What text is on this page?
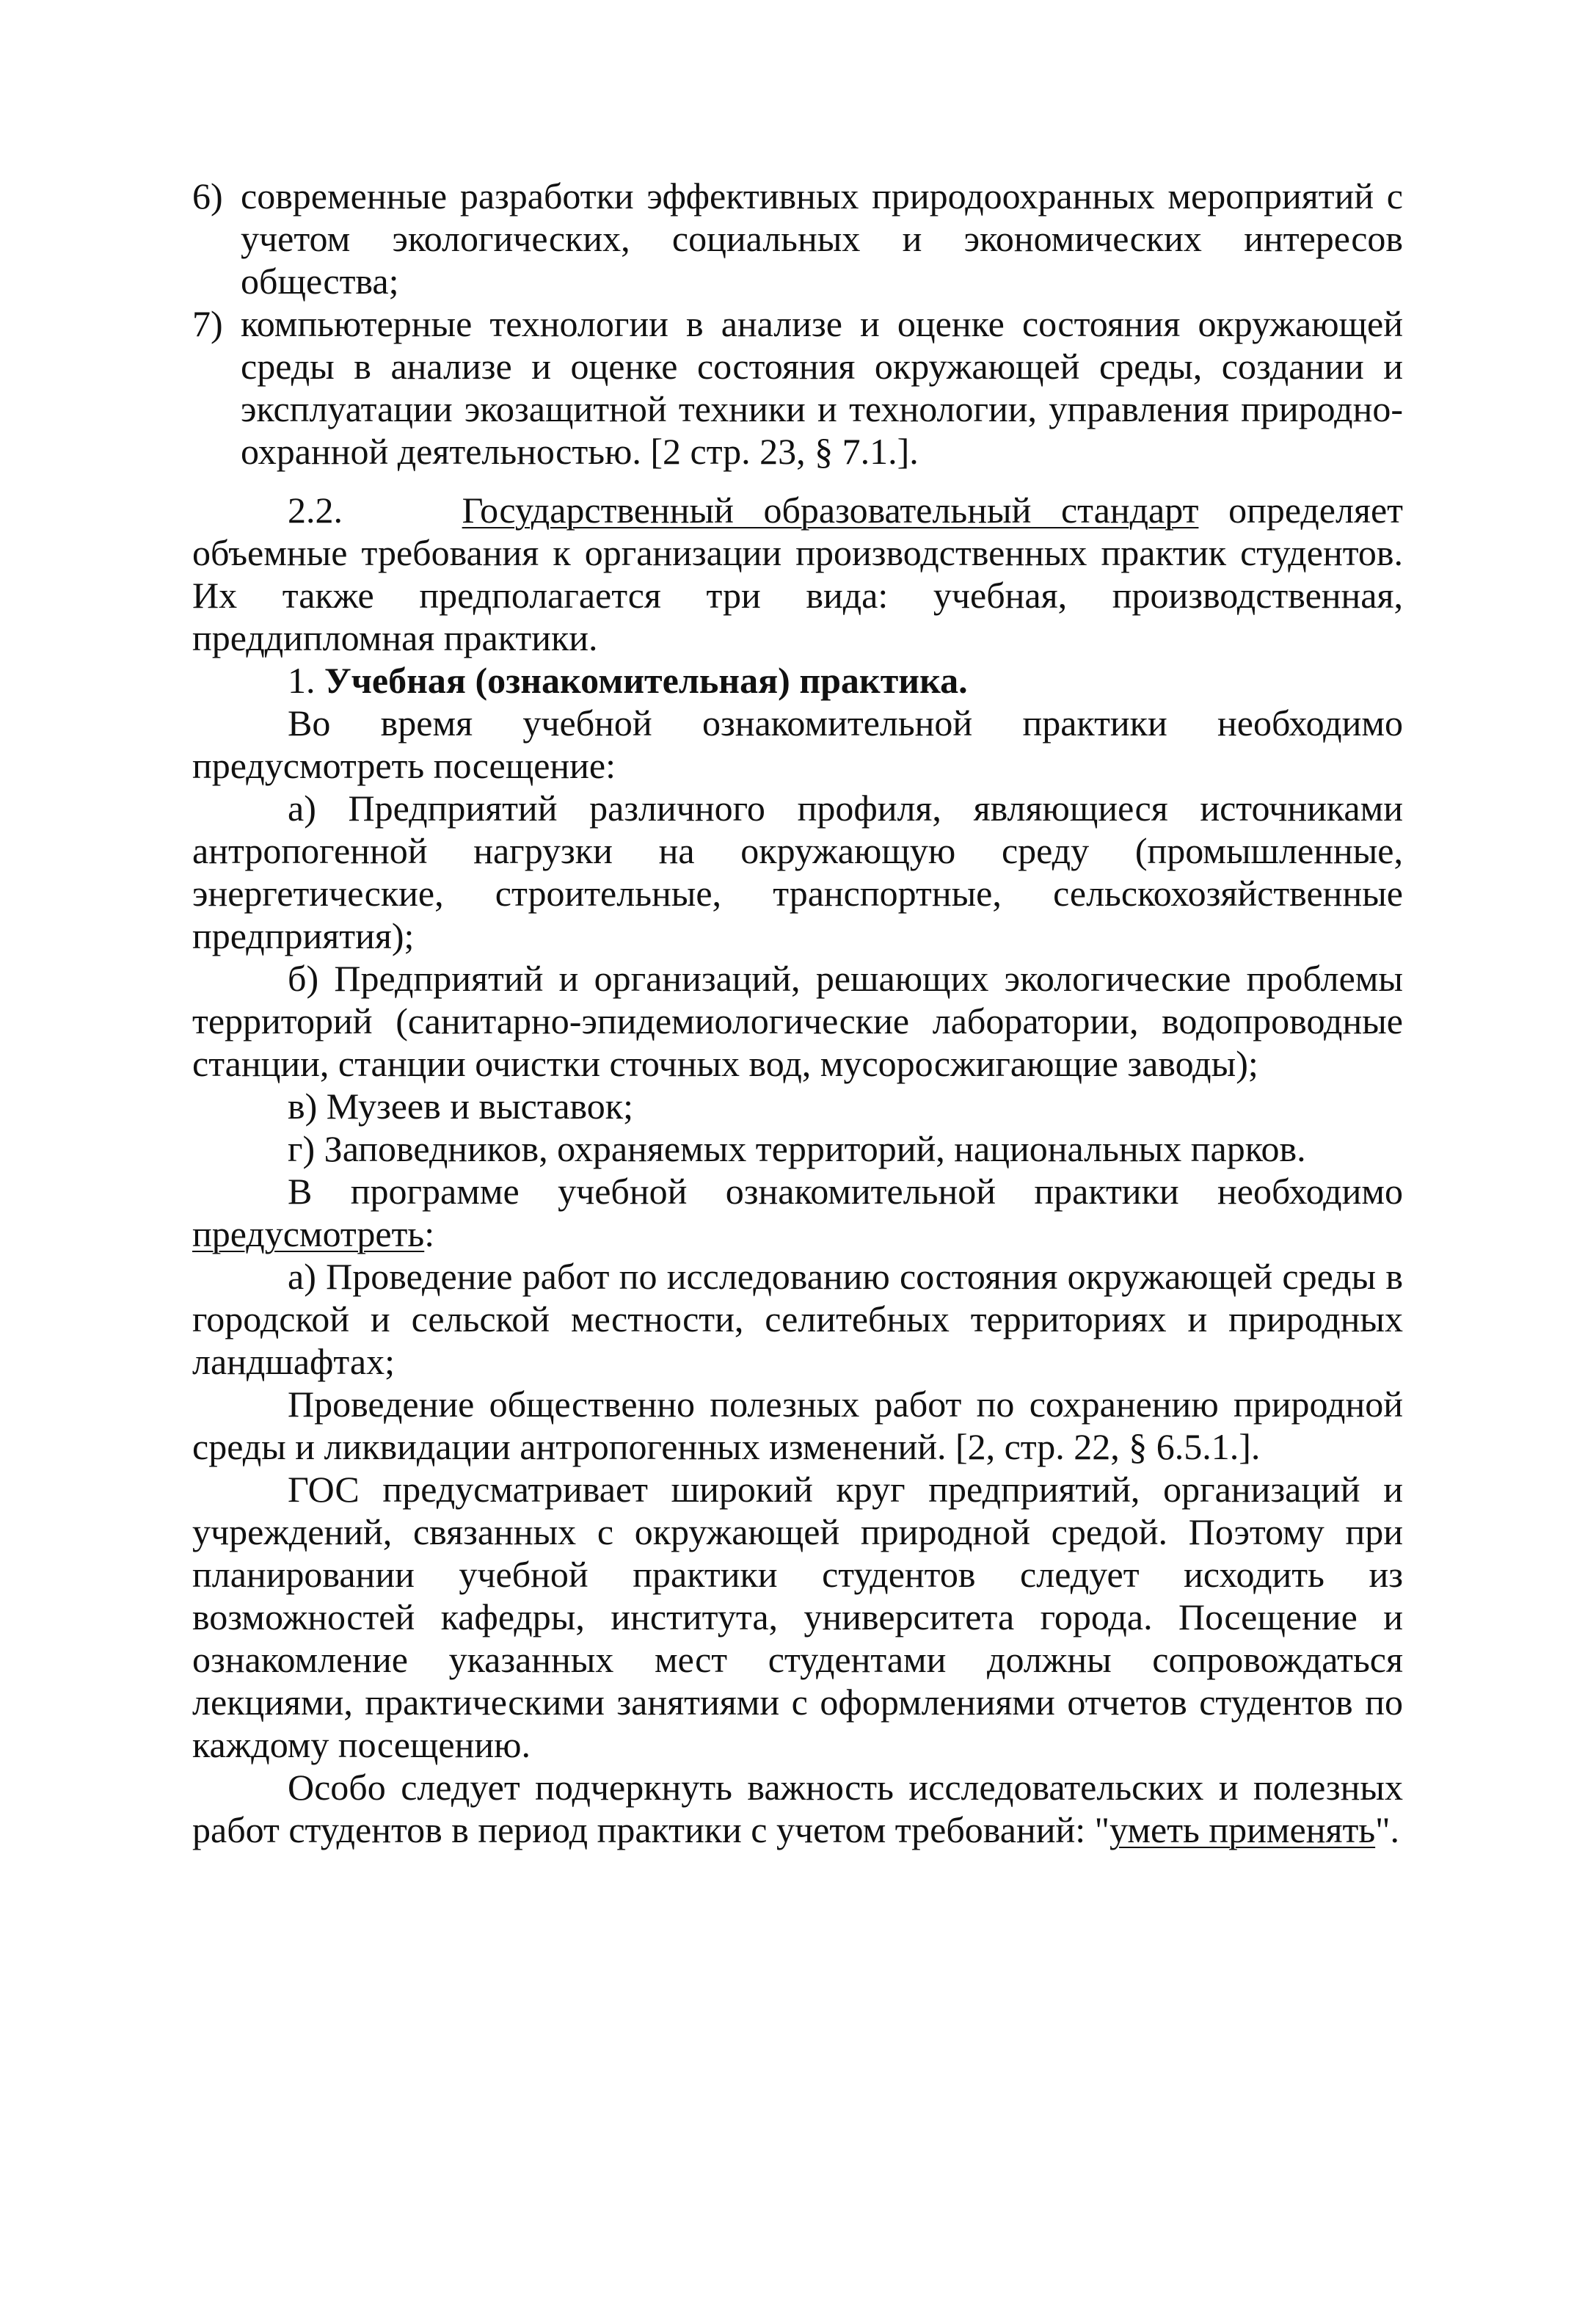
6) современные разработки эффективных природоохранных мероприятий с учетом экологических, социальных и экономических интересов общества;

7) компьютерные технологии в анализе и оценке состояния окружающей среды в анализе и оценке состояния окружающей среды, создании и эксплуатации экозащитной техники и технологии, управления природно-охранной деятельностью. [2 стр. 23, § 7.1.].

2.2.	Государственный образовательный стандарт определяет объемные требования к организации производственных практик студентов. Их также предполагается три вида: учебная, производственная, преддипломная практики.

1. Учебная (ознакомительная) практика.

Во время учебной ознакомительной практики необходимо предусмотреть посещение:

а) Предприятий различного профиля, являющиеся источниками антропогенной нагрузки на окружающую среду (промышленные, энергетические, строительные, транспортные, сельскохозяйственные предприятия);

б) Предприятий и организаций, решающих экологические проблемы территорий (санитарно-эпидемиологические лаборатории, водопроводные станции, станции очистки сточных вод, мусоросжигающие заводы);

в) Музеев и выставок;

г) Заповедников, охраняемых территорий, национальных парков.

В программе учебной ознакомительной практики необходимо предусмотреть:

а) Проведение работ по исследованию состояния окружающей среды в городской и сельской местности, селитебных территориях и природных ландшафтах;

Проведение общественно полезных работ по сохранению природной среды и ликвидации антропогенных изменений. [2, стр. 22, § 6.5.1.].

ГОС предусматривает широкий круг предприятий, организаций и учреждений, связанных с окружающей природной средой. Поэтому при планировании учебной практики студентов следует исходить из возможностей кафедры, института, университета города. Посещение и ознакомление указанных мест студентами должны сопровождаться лекциями, практическими занятиями с оформлениями отчетов студентов по каждому посещению.

Особо следует подчеркнуть важность исследовательских и полезных работ студентов в период практики с учетом требований: "уметь применять".
